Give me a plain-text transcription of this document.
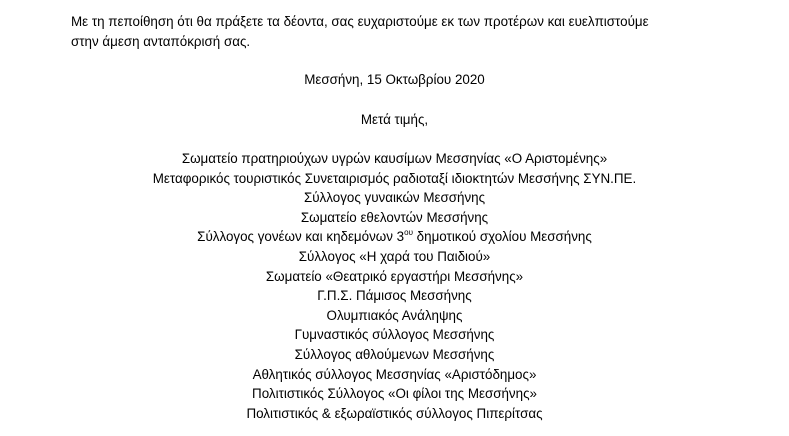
Με τη πεποίθηση ότι θα πράξετε τα δέοντα, σας ευχαριστούμε εκ των προτέρων και ευελπιστούμε
στην άμεση ανταπόκρισή σας.

Μεσσήνη, 15 Οκτωβρίου 2020
Μετά τιμής,
Σωματείο πρατηριούχων υγρών καυσίμων Μεσσηνίας «Ο Αριστομένης»
Μεταφορικός τουριστικός Συνεταιρισμός ραδιοταξί ιδιοκτητών Μεσσήνης ΣΥΝ.ΠΕ.
Σύλλογος γυναικών Μεσσήνης
Σωματείο εθελοντών Μεσσήνης
Σύλλογος γονέων και κηδεμόνων $3^{o\upsilon}$ δημοτικού σχολίου Μεσσήνης
Σύλλογος «Η χαρά του Παιδιού»
Σωματείο «Θεατρικό εργαστήρι Μεσσήνης»
Γ.Π.Σ. Πάμισος Μεσσήνης
Ολυμπιακός Ανάληψης
Γυμναστικός σύλλογος Μεσσήνης
Σύλλογος αθλούμενων Μεσσήνης
Αθλητικός σύλλογος Μεσσηνίας «Αριστόδημος»
Πολιτιστικός Σύλλογος «Οι φίλοι της Μεσσήνης»
Πολιτιστικός & εξωραϊστικός σύλλογος Πιπερίτσας
